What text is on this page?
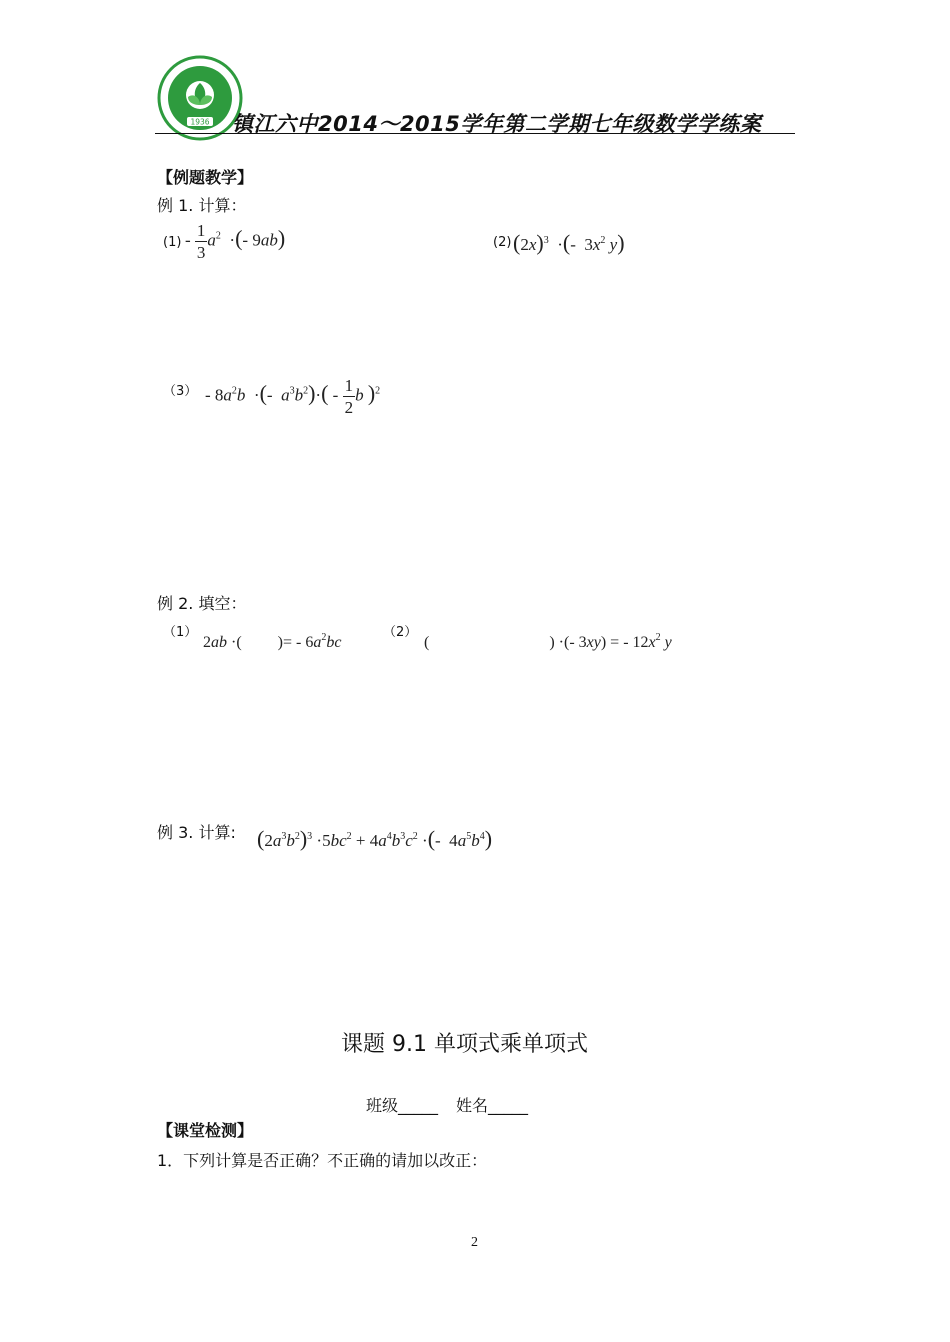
1936 镇江六中2014～2015学年第二学期七年级数学学练案
【例题教学】
例 1. 计算：
$(1) - \frac{1}{3} a^2$  ·(- 9ab)	(2) $(2x)^3$  ·(-  $3x^2$ y)
$(3) - 8a^2b$  ·(-  $a^3b^2)\cdot( - \frac{1}{2}$ b )$^2$
例 2. 填空：
（1）
2ab ·(         )= - $6a^2bc$
（2）
(                              ) ·(- 3xy) = - $12x^2$ y
例 3. 计算: $(2a^3b^2)^3 \cdot 5bc^2 + 4a^4b^3c^2$ ·(-  $4a^5b^4$)
课题 9.1 单项式乘单项式
班级_____ 姓名_____
【课堂检测】
1．下列计算是否正确？不正确的请加以改正：
2
